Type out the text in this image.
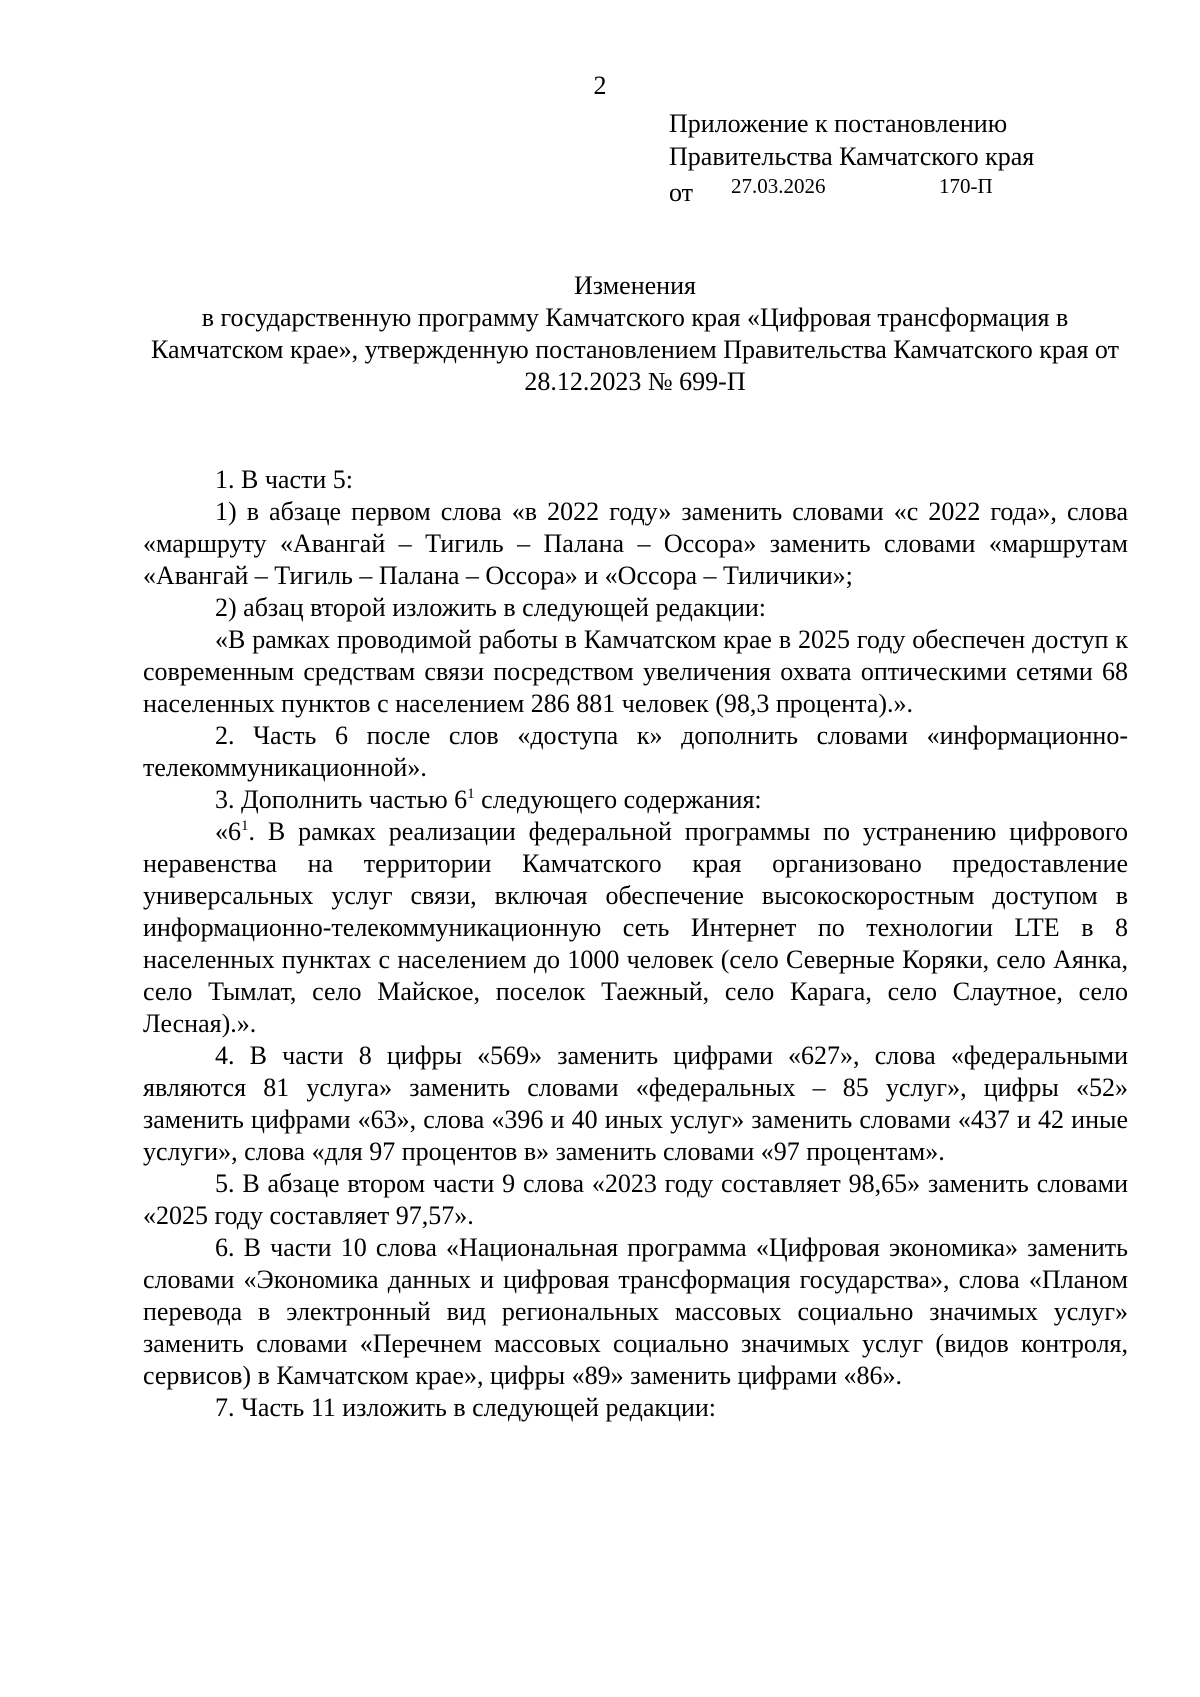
2
Приложение к постановлению
Правительства Камчатского края
от 27.03.2026	170-П
Изменения
в государственную программу Камчатского края «Цифровая трансформация в Камчатском крае», утвержденную постановлением Правительства Камчатского края от 28.12.2023 № 699-П

1. В части 5:

1) в абзаце первом слова «в 2022 году» заменить словами «с 2022 года», слова «маршруту «Авангай – Тигиль – Палана – Оссора» заменить словами «маршрутам «Авангай – Тигиль – Палана – Оссора» и «Оссора – Тиличики»;

2) абзац второй изложить в следующей редакции:

«В рамках проводимой работы в Камчатском крае в 2025 году обеспечен доступ к современным средствам связи посредством увеличения охвата оптическими сетями 68 населенных пунктов с населением 286 881 человек (98,3 процента).».

2. Часть 6 после слов «доступа к» дополнить словами «информационно-телекоммуникационной».

3. Дополнить частью $6^1$ следующего содержания:

«$6^1$. В рамках реализации федеральной программы по устранению цифрового неравенства на территории Камчатского края организовано предоставление универсальных услуг связи, включая обеспечение высокоскоростным доступом в информационно-телекоммуникационную сеть Интернет по технологии LTE в 8 населенных пунктах с населением до 1000 человек (село Северные Коряки, село Аянка, село Тымлат, село Майское, поселок Таежный, село Карага, село Слаутное, село Лесная).».

4. В части 8 цифры «569» заменить цифрами «627», слова «федеральными являются 81 услуга» заменить словами «федеральных – 85 услуг», цифры «52» заменить цифрами «63», слова «396 и 40 иных услуг» заменить словами «437 и 42 иные услуги», слова «для 97 процентов в» заменить словами «97 процентам».

5. В абзаце втором части 9 слова «2023 году составляет 98,65» заменить словами «2025 году составляет 97,57».

6. В части 10 слова «Национальная программа «Цифровая экономика» заменить словами «Экономика данных и цифровая трансформация государства», слова «Планом перевода в электронный вид региональных массовых социально значимых услуг» заменить словами «Перечнем массовых социально значимых услуг (видов контроля, сервисов) в Камчатском крае», цифры «89» заменить цифрами «86».

7. Часть 11 изложить в следующей редакции:
